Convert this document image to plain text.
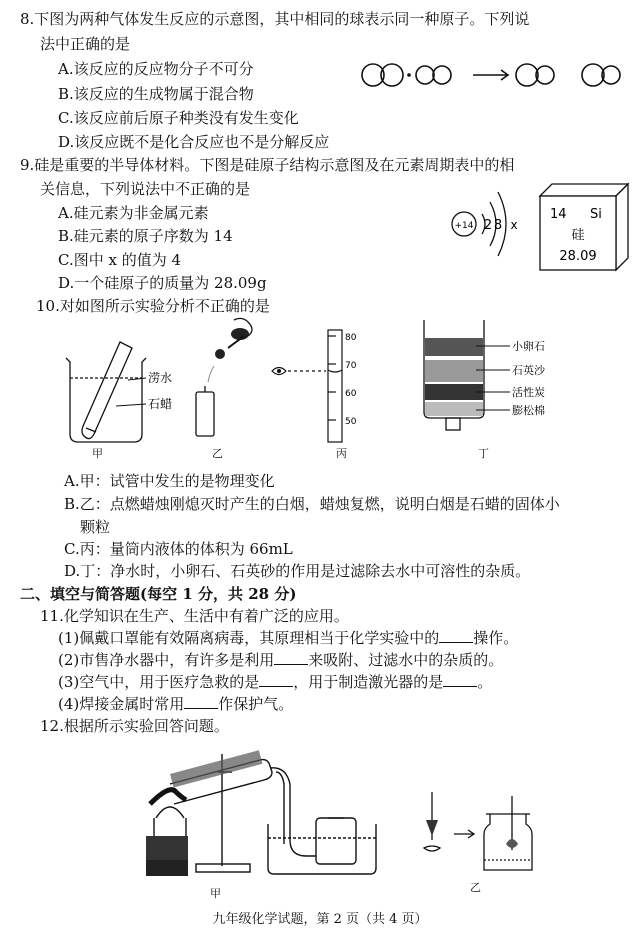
8.下图为两种气体发生反应的示意图，其中相同的球表示同一种原子。下列说
法中正确的是
A.该反应的反应物分子不可分
B.该反应的生成物属于混合物
C.该反应前后原子种类没有发生变化
D.该反应既不是化合反应也不是分解反应
9.硅是重要的半导体材料。下图是硅原子结构示意图及在元素周期表中的相
关信息，下列说法中不正确的是
A.硅元素为非金属元素
B.硅元素的原子序数为 14
C.图中 x 的值为 4
D.一个硅原子的质量为 28.09g
+14 2 8 x
14 Si
硅
28.09
10.对如图所示实验分析不正确的是
涝水
石蜡
甲	乙
80
70
60
50
丙
小卵石
石英沙
活性炭
膨松棉
丁
A.甲：试管中发生的是物理变化
B.乙：点燃蜡烛刚熄灭时产生的白烟，蜡烛复燃，说明白烟是石蜡的固体小
颗粒
C.丙：量筒内液体的体积为 66mL
D.丁：净水时，小卵石、石英砂的作用是过滤除去水中可溶性的杂质。
二、填空与简答题(每空 1 分，共 28 分)
11.化学知识在生产、生活中有着广泛的应用。
(1)佩戴口罩能有效隔离病毒，其原理相当于化学实验中的 操作。
(2)市售净水器中，有许多是利用 来吸附、过滤水中的杂质的。
(3)空气中，用于医疗急救的是 ，用于制造激光器的是 。
(4)焊接金属时常用 作保护气。
12.根据所示实验回答问题。
甲	乙
九年级化学试题，第 2 页（共 4 页）
